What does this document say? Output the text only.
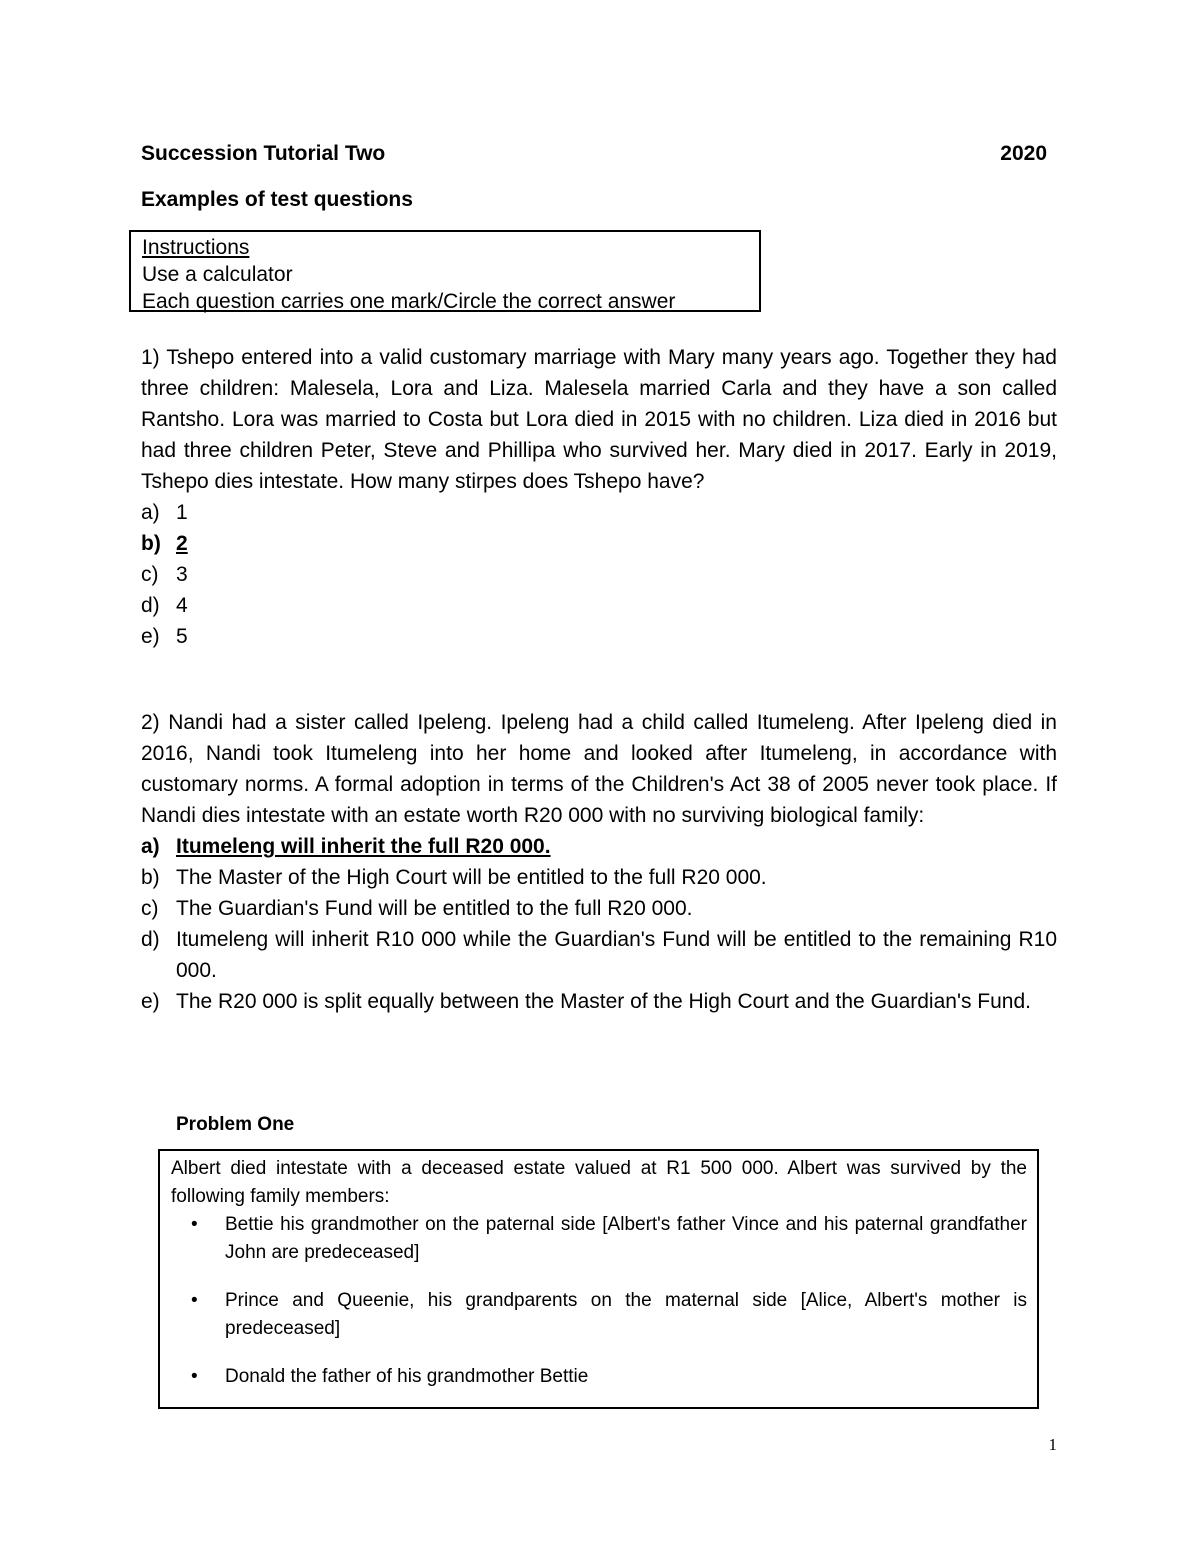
Succession Tutorial Two	2020
Examples of test questions
Instructions
Use a calculator
Each question carries one mark/Circle the correct answer

1) Tshepo entered into a valid customary marriage with Mary many years ago. Together they had three children: Malesela, Lora and Liza. Malesela married Carla and they have a son called Rantsho. Lora was married to Costa but Lora died in 2015 with no children. Liza died in 2016 but had three children Peter, Steve and Phillipa who survived her. Mary died in 2017. Early in 2019, Tshepo dies intestate. How many stirpes does Tshepo have?

a) 1
b) 2
c) 3
d) 4
e) 5

2) Nandi had a sister called Ipeleng. Ipeleng had a child called Itumeleng. After Ipeleng died in 2016, Nandi took Itumeleng into her home and looked after Itumeleng, in accordance with customary norms. A formal adoption in terms of the Children's Act 38 of 2005 never took place. If Nandi dies intestate with an estate worth R20 000 with no surviving biological family:

a) Itumeleng will inherit the full R20 000.
b) The Master of the High Court will be entitled to the full R20 000.
c) The Guardian's Fund will be entitled to the full R20 000.
d) Itumeleng will inherit R10 000 while the Guardian's Fund will be entitled to the remaining R10 000.
e) The R20 000 is split equally between the Master of the High Court and the Guardian's Fund.
Problem One

Albert died intestate with a deceased estate valued at R1 500 000. Albert was survived by the following family members:

• Bettie his grandmother on the paternal side [Albert's father Vince and his paternal grandfather John are predeceased]
• Prince and Queenie, his grandparents on the maternal side [Alice, Albert's mother is predeceased]
• Donald the father of his grandmother Bettie
1
